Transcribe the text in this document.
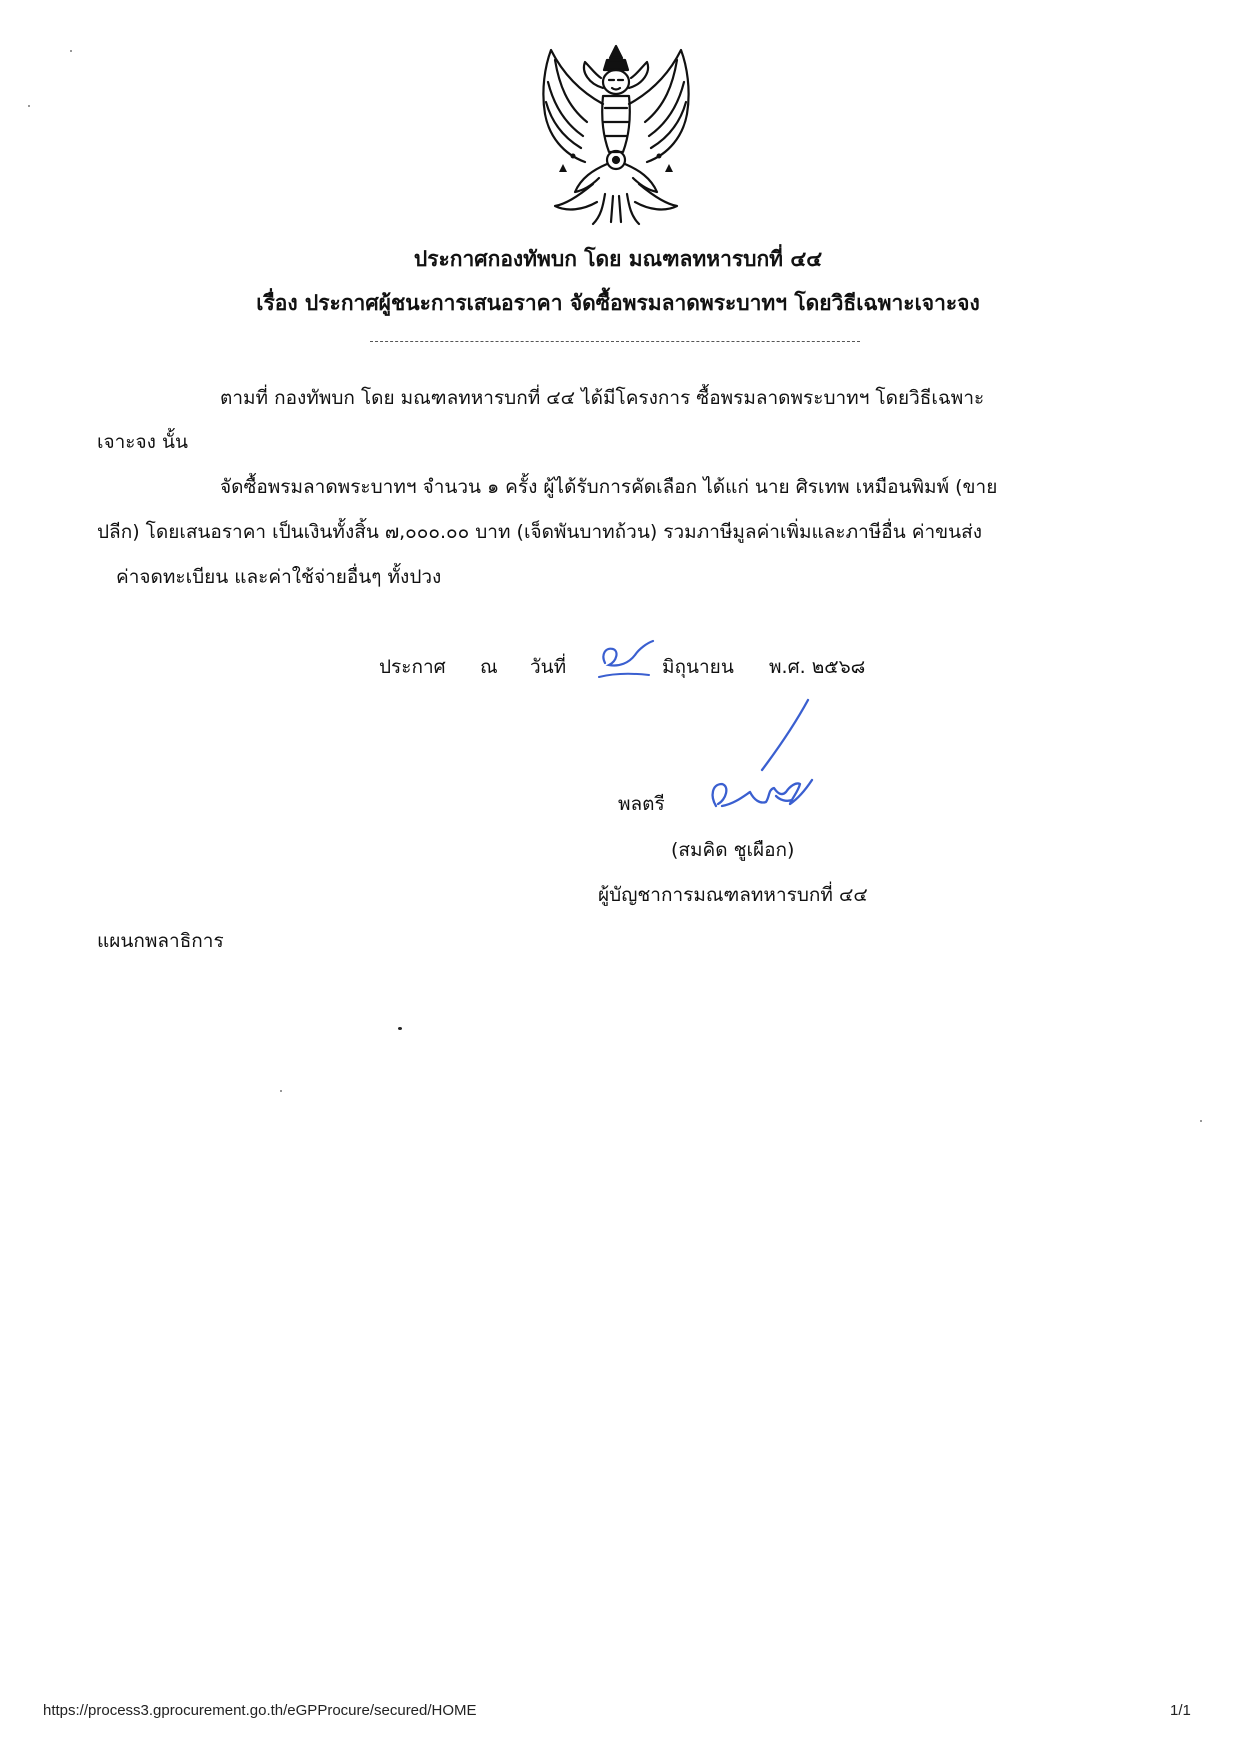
ประกาศกองทัพบก โดย มณฑลทหารบกที่ ๔๔
เรื่อง ประกาศผู้ชนะการเสนอราคา จัดซื้อพรมลาดพระบาทฯ โดยวิธีเฉพาะเจาะจง
ตามที่ กองทัพบก โดย มณฑลทหารบกที่ ๔๔ ได้มีโครงการ ซื้อพรมลาดพระบาทฯ โดยวิธีเฉพาะ
เจาะจง นั้น
จัดซื้อพรมลาดพระบาทฯ จำนวน ๑ ครั้ง ผู้ได้รับการคัดเลือก ได้แก่ นาย ศิรเทพ เหมือนพิมพ์ (ขาย
ปลีก) โดยเสนอราคา เป็นเงินทั้งสิ้น ๗,๐๐๐.๐๐ บาท (เจ็ดพันบาทถ้วน) รวมภาษีมูลค่าเพิ่มและภาษีอื่น ค่าขนส่ง
ค่าจดทะเบียน และค่าใช้จ่ายอื่นๆ ทั้งปวง
ประกาศ ณ วันที่	มิถุนายน พ.ศ. ๒๕๖๘
พลตรี
(สมคิด ชูเผือก)
ผู้บัญชาการมณฑลทหารบกที่ ๔๔
แผนกพลาธิการ
https://process3.gprocurement.go.th/eGPProcure/secured/HOME	1/1
